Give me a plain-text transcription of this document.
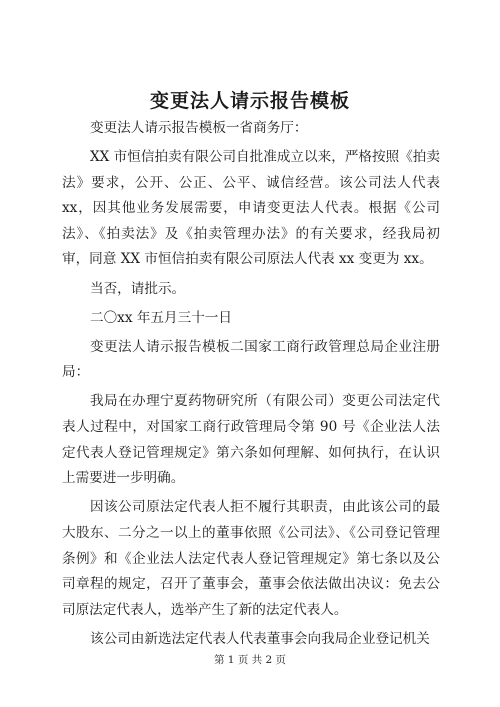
变更法人请示报告模板

变更法人请示报告模板一省商务厅：

XX 市恒信拍卖有限公司自批准成立以来，严格按照《拍卖法》要求，公开、公正、公平、诚信经营。该公司法人代表 xx，因其他业务发展需要，申请变更法人代表。根据《公司法》、《拍卖法》及《拍卖管理办法》的有关要求，经我局初审，同意 XX 市恒信拍卖有限公司原法人代表 xx 变更为 xx。

当否，请批示。

二〇xx 年五月三十一日

变更法人请示报告模板二国家工商行政管理总局企业注册局：

我局在办理宁夏药物研究所（有限公司）变更公司法定代表人过程中，对国家工商行政管理局令第 90 号《企业法人法定代表人登记管理规定》第六条如何理解、如何执行，在认识上需要进一步明确。

因该公司原法定代表人拒不履行其职责，由此该公司的最大股东、二分之一以上的董事依照《公司法》、《公司登记管理条例》和《企业法人法定代表人登记管理规定》第七条以及公司章程的规定，召开了董事会，董事会依法做出决议：免去公司原法定代表人，选举产生了新的法定代表人。

该公司由新选法定代表人代表董事会向我局企业登记机关

第 1 页 共 2 页
